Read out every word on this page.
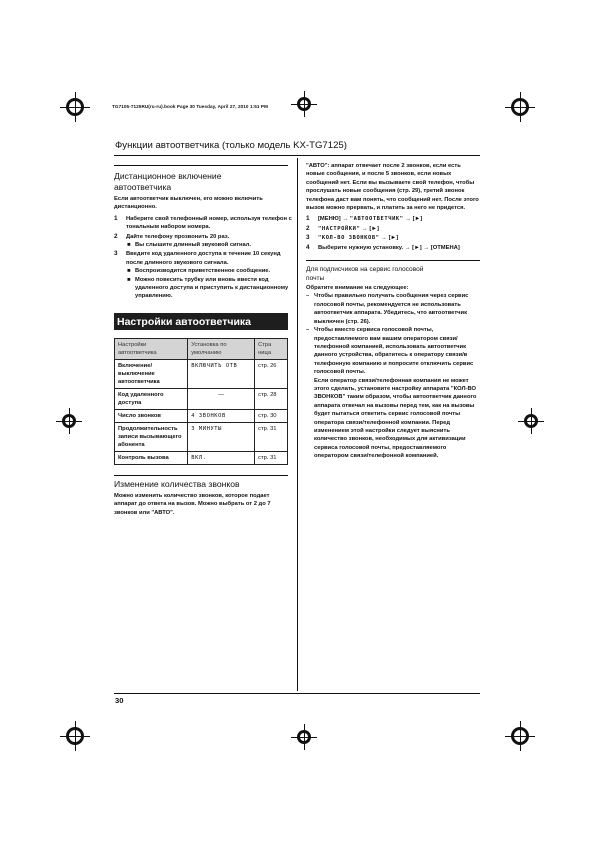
TG7105-7125RU(ru-ru).book Page 30 Tuesday, April 27, 2010 1:51 PM
Функции автоответчика (только модель KX-TG7125)
Дистанционное включение
автоответчика
Если автоответчик выключен, его можно включить дистанционно.
1 Наберите свой телефонный номер, используя телефон с тональным набором номера.
2 Дайте телефону прозвонить 20 раз.
■ Вы слышите длинный звуковой сигнал.
3 Введите код удаленного доступа в течение 10 секунд после длинного звукового сигнала.
■ Воспроизводится приветственное сообщение.
■ Можно повесить трубку или вновь ввести код удаленного доступа и приступить к дистанционному управлению.
Настройки автоответчика
Настройки автоответчика	Установка по умолчанию	Стра ница
Включение/выключение автоответчика	ВКЛЮЧИТЬ ОТВ	стр. 26
Код удаленного доступа	—	стр. 28
Число звонков	4 ЗВОНКОВ	стр. 30
Продолжительность записи вызывающего абонента	3 МИНУТЫ	стр. 31
Контроль вызова	ВКЛ.	стр. 31
Изменение количества звонков
Можно изменить количество звонков, которое подает аппарат до ответа на вызов. Можно выбрать от 2 до 7 звонков или "АВТО".
"АВТО": аппарат отвечает после 2 звонков, если есть новые сообщения, и после 5 звонков, если новых сообщений нет. Если вы вызываете свой телефон, чтобы прослушать новые сообщения (стр. 29), третий звонок телефона даст вам понять, что сообщений нет. После этого вызов можно прервать, и платить за него не придется.
1 [МЕНЮ] → "АВТООТВЕТЧИК" → [►]
2 "НАСТРОЙКИ" → [►]
3 "КОЛ-ВО ЗВОНКОВ" → [►]
4 Выберите нужную установку. → [►] → [ОТМЕНА]
Для подписчиков на сервис голосовой
почты
Обратите внимание на следующее:
– Чтобы правильно получать сообщения через сервис голосовой почты, рекомендуется не использовать автоответчик аппарата. Убедитесь, что автоответчик выключен (стр. 26).
– Чтобы вместо сервиса голосовой почты, предоставляемого вам вашим оператором связи/телефонной компанией, использовать автоответчик данного устройства, обратитесь к оператору связи/в телефонную компанию и попросите отключить сервис голосовой почты.
Если оператор связи/телефонная компания не может этого сделать, установите настройку аппарата "КОЛ-ВО ЗВОНКОВ" таким образом, чтобы автоответчик данного аппарата отвечал на вызовы перед тем, как на вызовы будет пытаться ответить сервис голосовой почты оператора связи/телефонной компании. Перед изменением этой настройки следует выяснить количество звонков, необходимых для активизации сервиса голосовой почты, предоставляемого оператором связи/телефонной компанией.
30
